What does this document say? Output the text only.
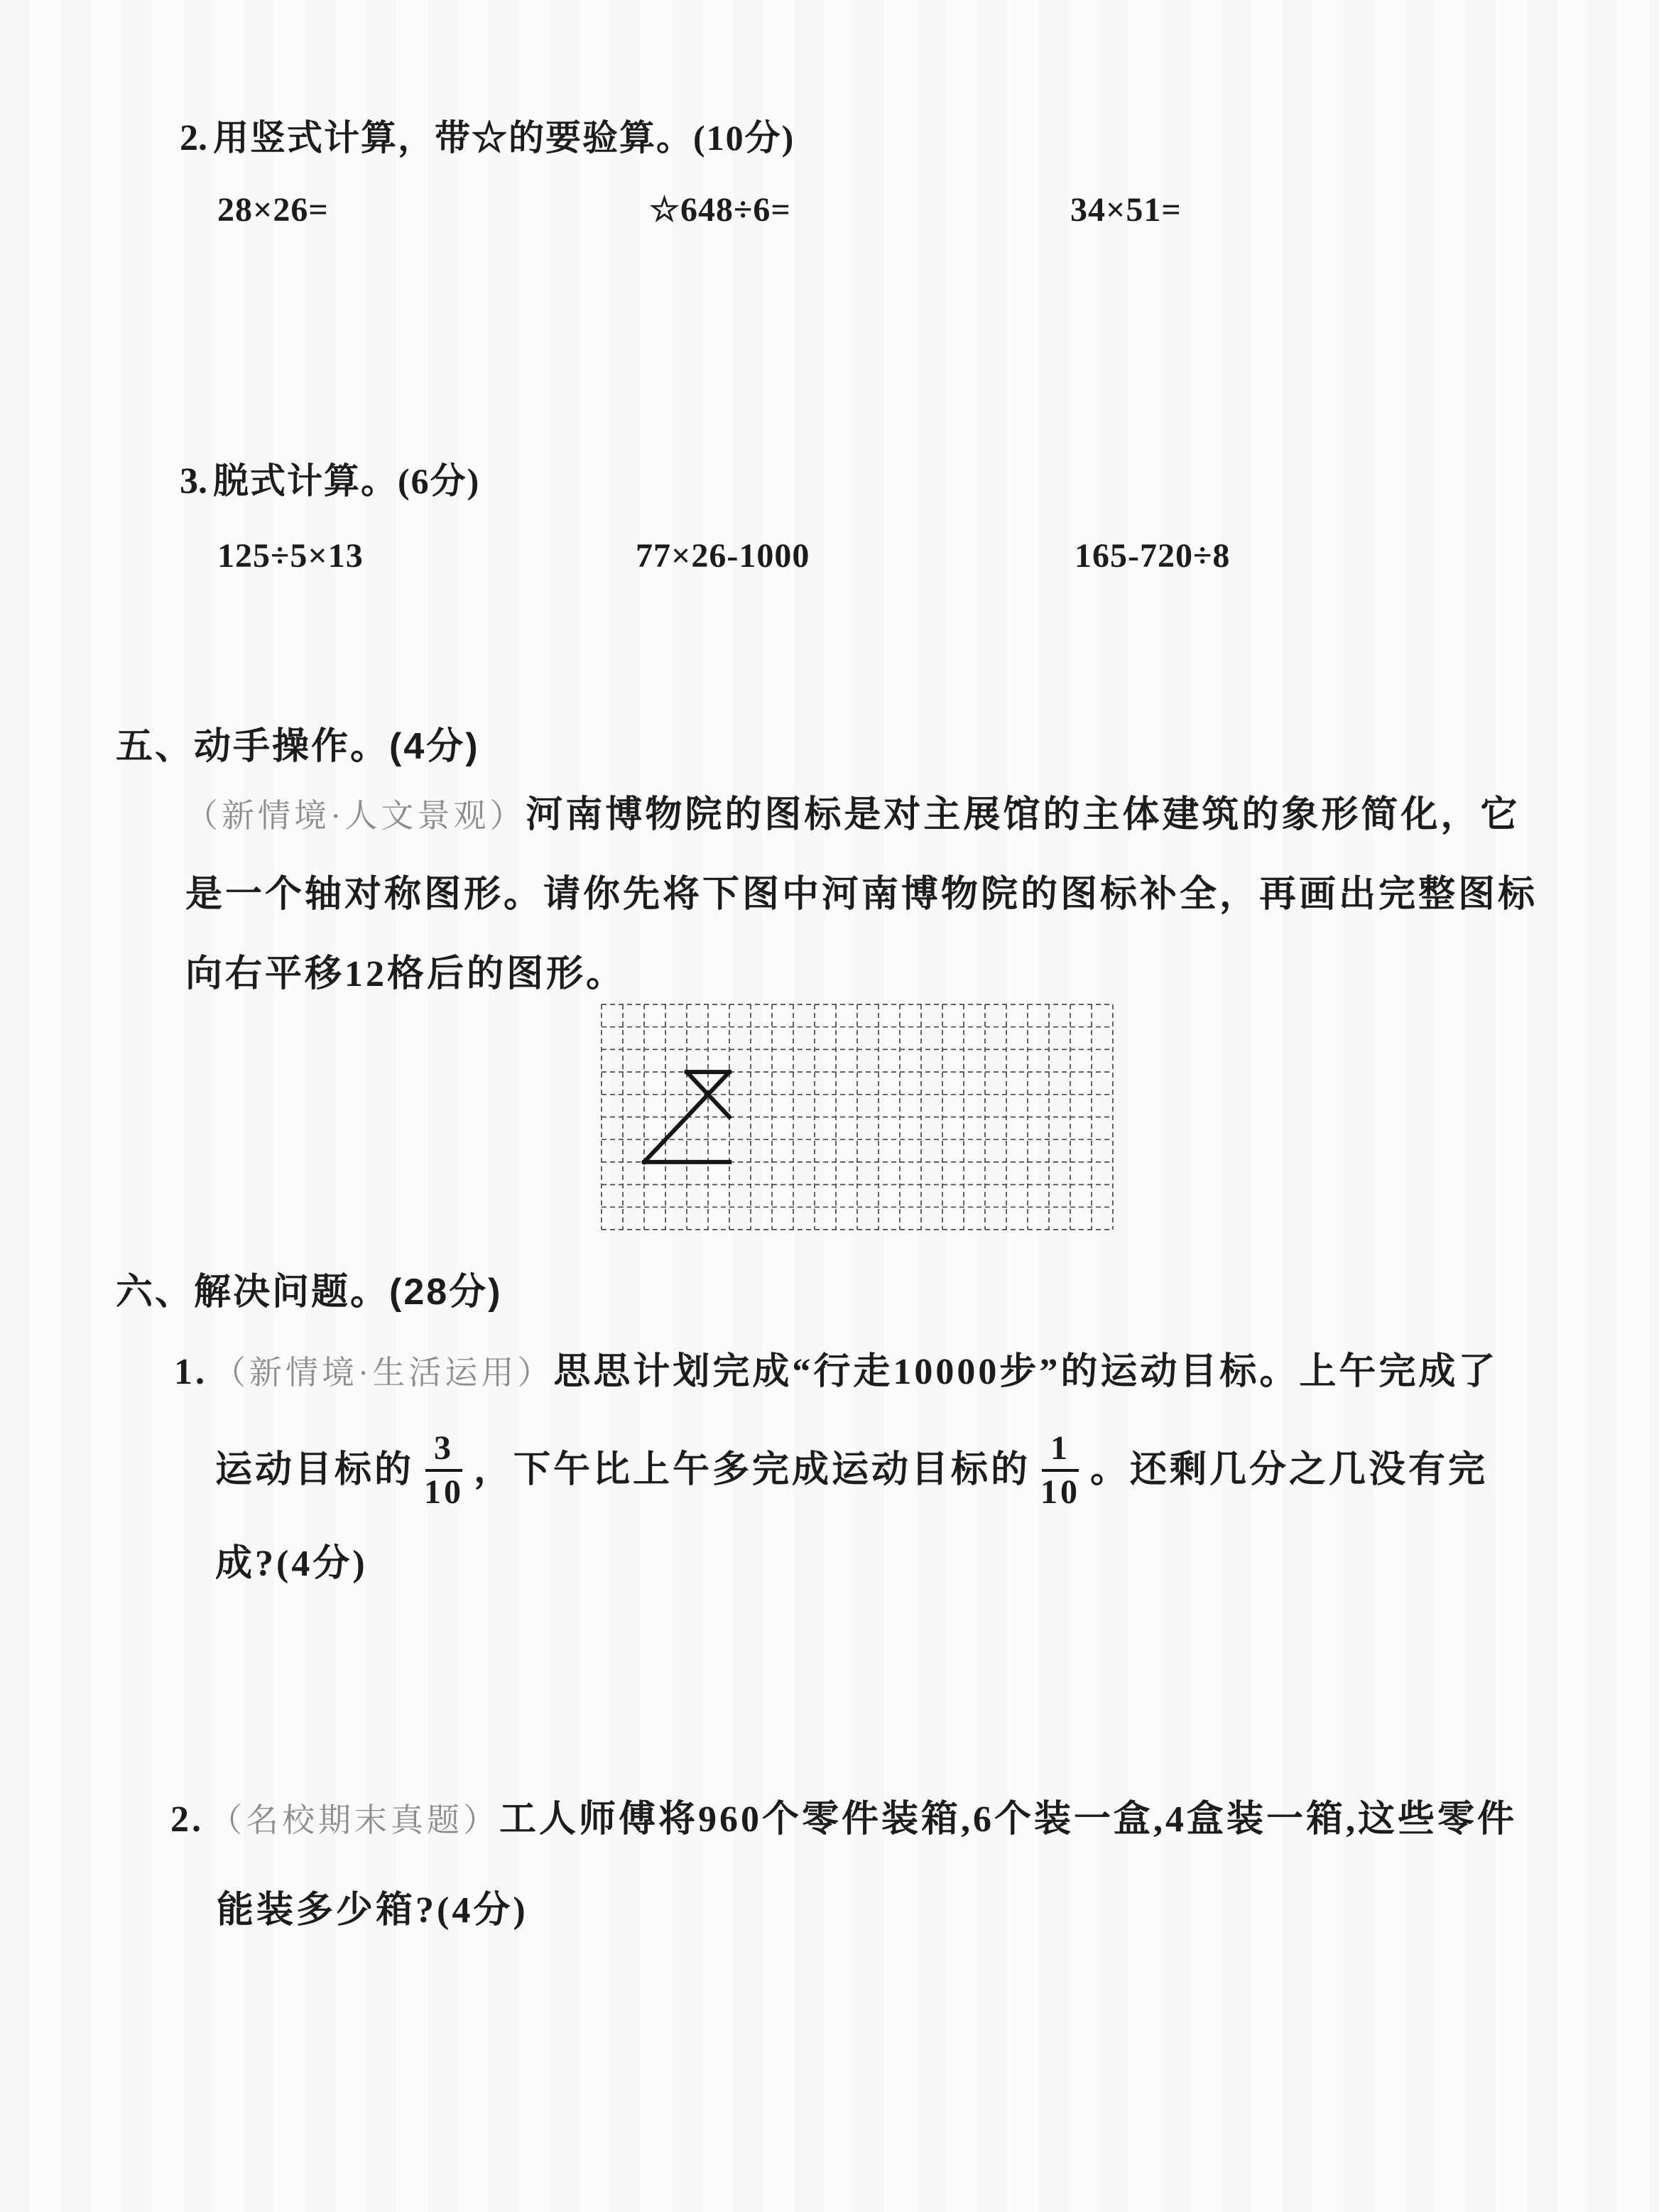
2. 用竖式计算，带☆的要验算。(10分)
28×26=	☆648÷6=	34×51=
3. 脱式计算。(6分)
125÷5×13	77×26-1000	165-720÷8
五、动手操作。(4分)
（新情境·人文景观）河南博物院的图标是对主展馆的主体建筑的象形简化，它
是一个轴对称图形。请你先将下图中河南博物院的图标补全，再画出完整图标
向右平移12格后的图形。
六、解决问题。(28分)
1. （新情境·生活运用）思思计划完成“行走10000步”的运动目标。上午完成了
运动目标的 $\frac{3}{10}$ ，下午比上午多完成运动目标的 $\frac{1}{10}$ 。还剩几分之几没有完
成?(4分)
2. （名校期末真题）工人师傅将960个零件装箱,6个装一盒,4盒装一箱,这些零件
能装多少箱?(4分)
